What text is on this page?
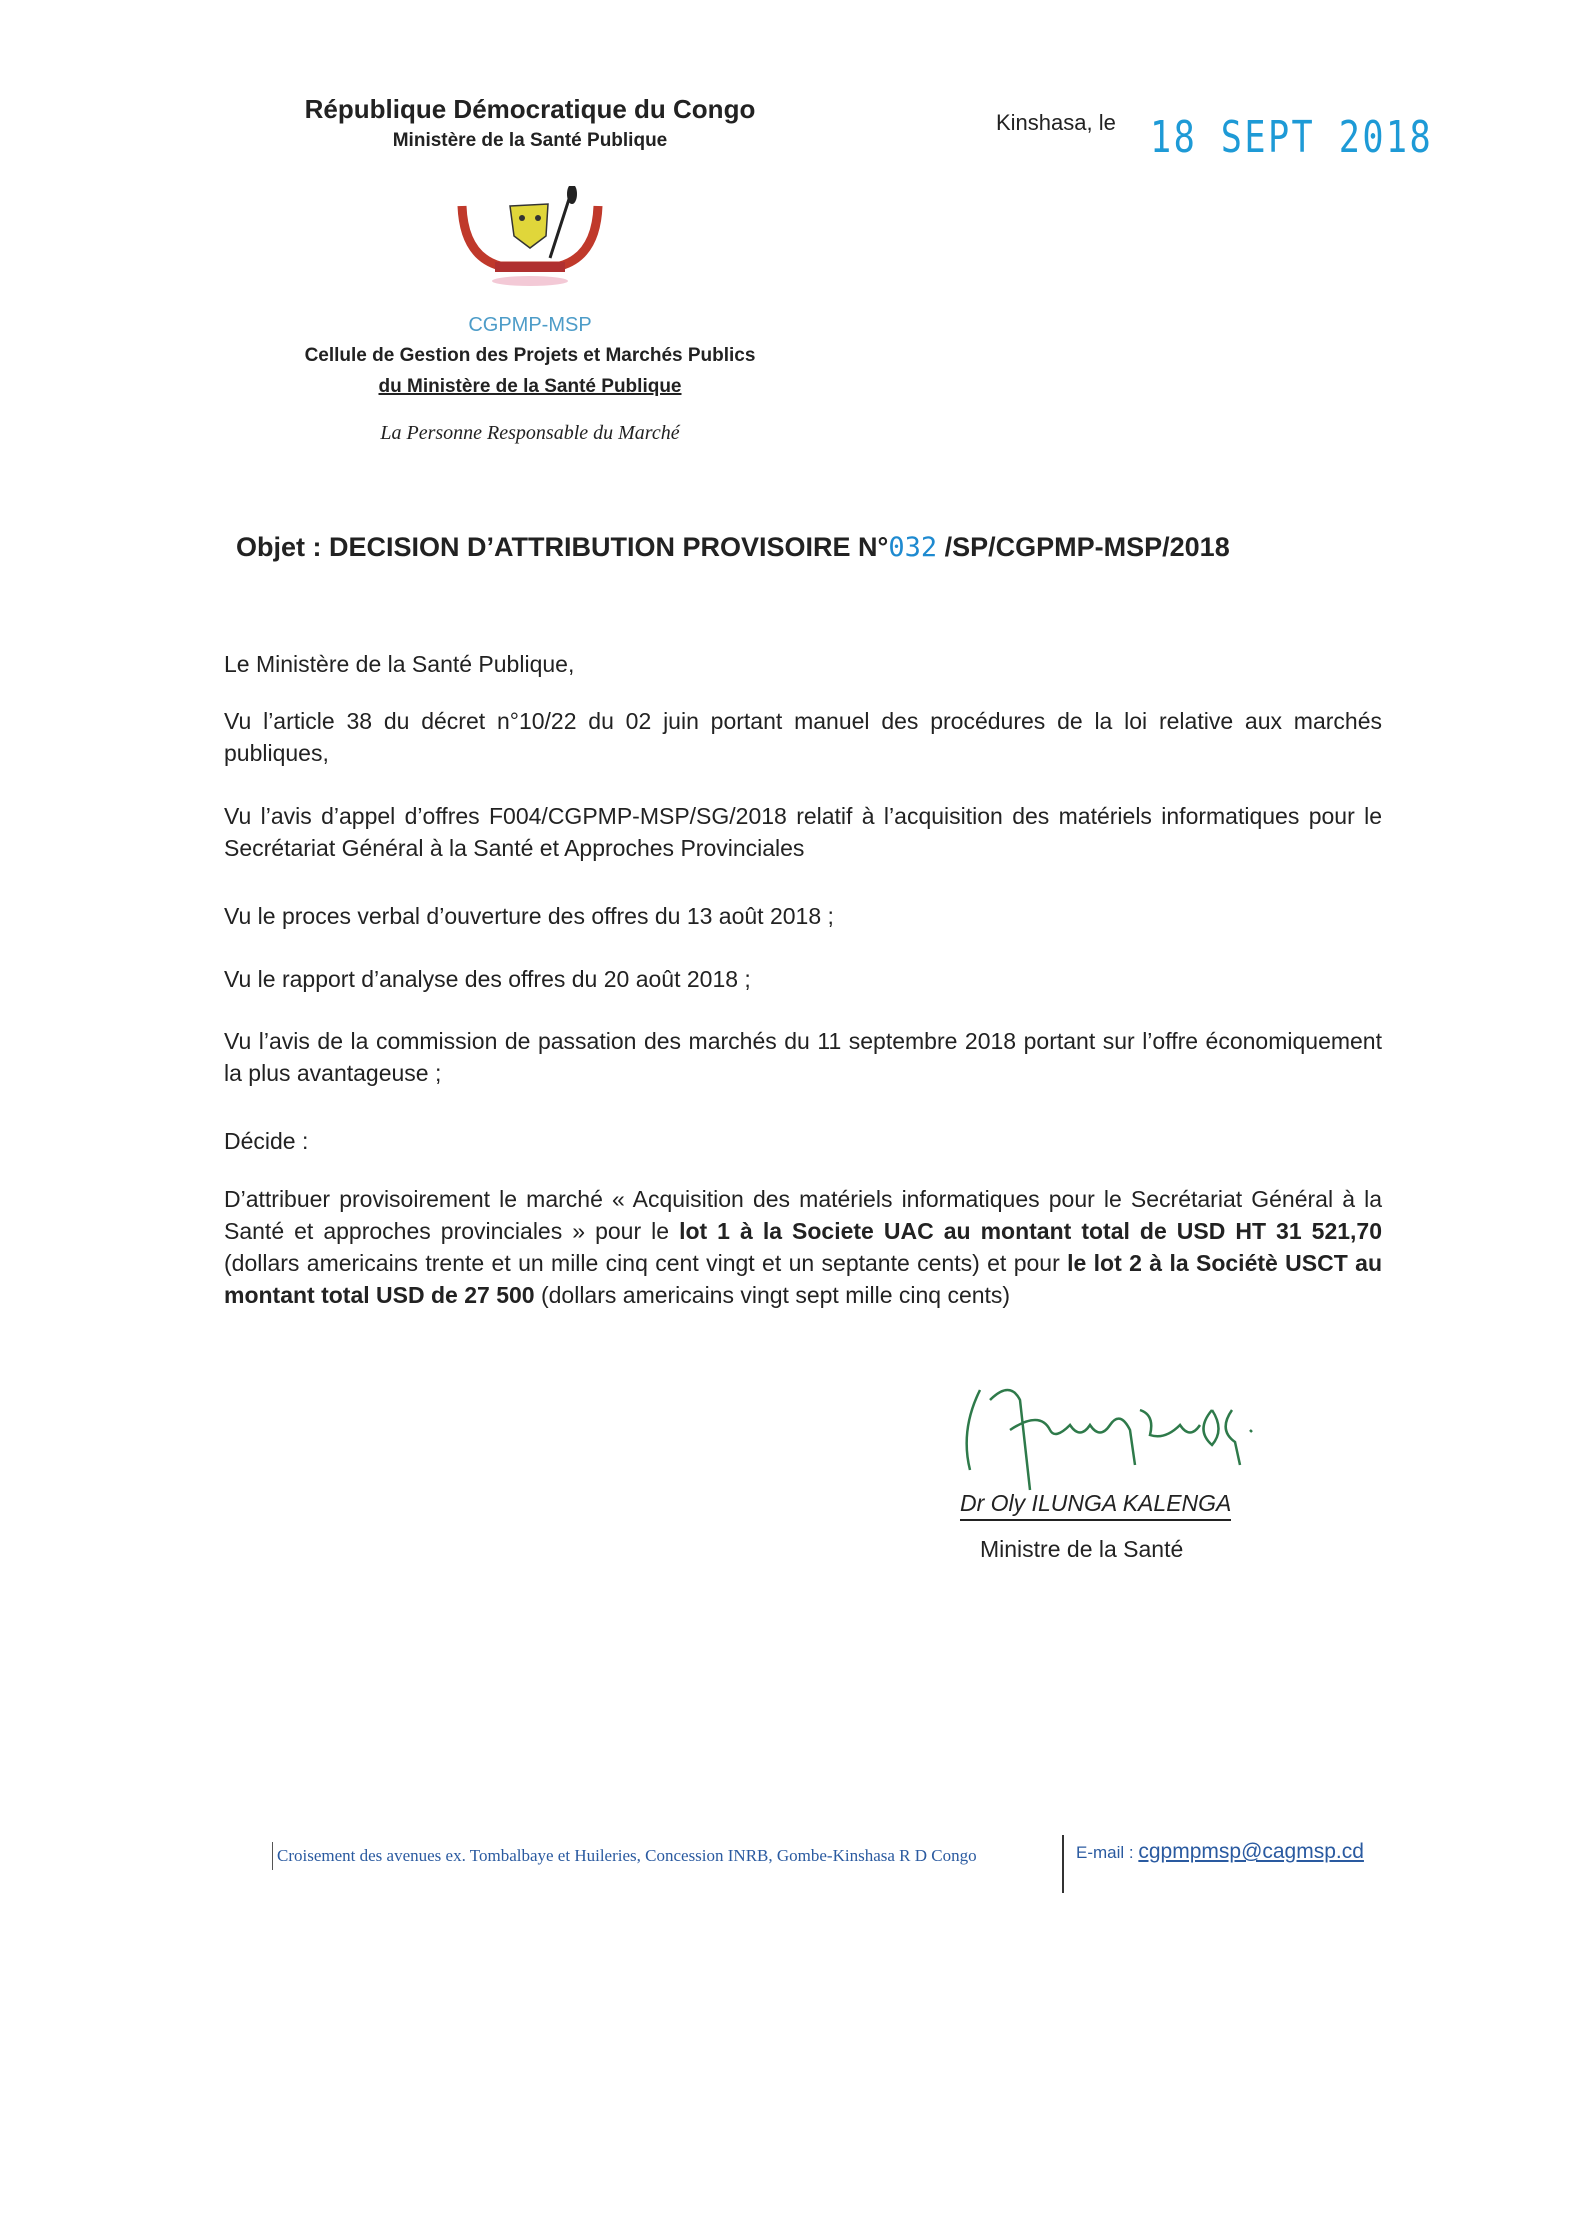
République Démocratique du Congo
Ministère de la Santé Publique
Kinshasa, le 18 SEPT 2018
CGPMP-MSP
Cellule de Gestion des Projets et Marchés Publics
du Ministère de la Santé Publique
La Personne Responsable du Marché
Objet : DECISION D’ATTRIBUTION PROVISOIRE N°032 /SP/CGPMP-MSP/2018
Le Ministère de la Santé Publique,
Vu l’article 38 du décret n°10/22 du 02 juin portant manuel des procédures de la loi relative aux marchés publiques,
Vu l’avis d’appel d’offres F004/CGPMP-MSP/SG/2018 relatif à l’acquisition des matériels informatiques pour le Secrétariat Général à la Santé et Approches Provinciales
Vu le proces verbal d’ouverture des offres du 13 août 2018 ;
Vu le rapport d’analyse des offres du 20 août 2018 ;
Vu l’avis de la commission de passation des marchés du 11 septembre 2018 portant sur l’offre économiquement la plus avantageuse ;
Décide :
D’attribuer provisoirement le marché « Acquisition des matériels informatiques pour le Secrétariat Général à la Santé et approches provinciales » pour le lot 1 à la Societe UAC au montant total de USD HT 31 521,70 (dollars americains trente et un mille cinq cent vingt et un septante cents) et pour le lot 2 à la Sociétè USCT au montant total USD de 27 500 (dollars americains vingt sept mille cinq cents)
Dr Oly ILUNGA KALENGA
Ministre de la Santé
Croisement des avenues ex. Tombalbaye et Huileries, Concession INRB, Gombe-Kinshasa R D Congo	E-mail : cgpmpmsp@cagmsp.cd
